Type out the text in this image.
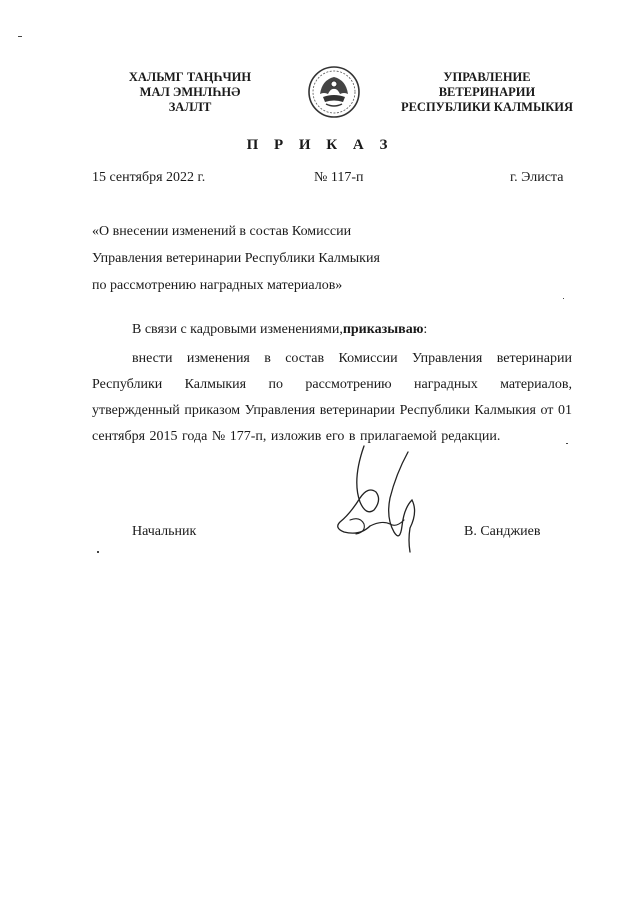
ХАЛЬМГ ТАҢҺЧИН
МАЛ ЭМНЛҺНӘ
ЗАЛЛТ
УПРАВЛЕНИЕ
ВЕТЕРИНАРИИ
РЕСПУБЛИКИ КАЛМЫКИЯ
П Р И К А З
15 сентября 2022 г.	№ 117-п	г. Элиста
«О внесении изменений в состав Комиссии
Управления ветеринарии Республики Калмыкия
по рассмотрению наградных материалов»
В связи с кадровыми изменениями,приказываю:
внести изменения в состав Комиссии Управления ветеринарии Республики Калмыкия по рассмотрению наградных материалов, утвержденный приказом Управления ветеринарии Республики Калмыкия от 01 сентября 2015 года № 177-п, изложив его в прилагаемой редакции.
Начальник	В. Санджиев
